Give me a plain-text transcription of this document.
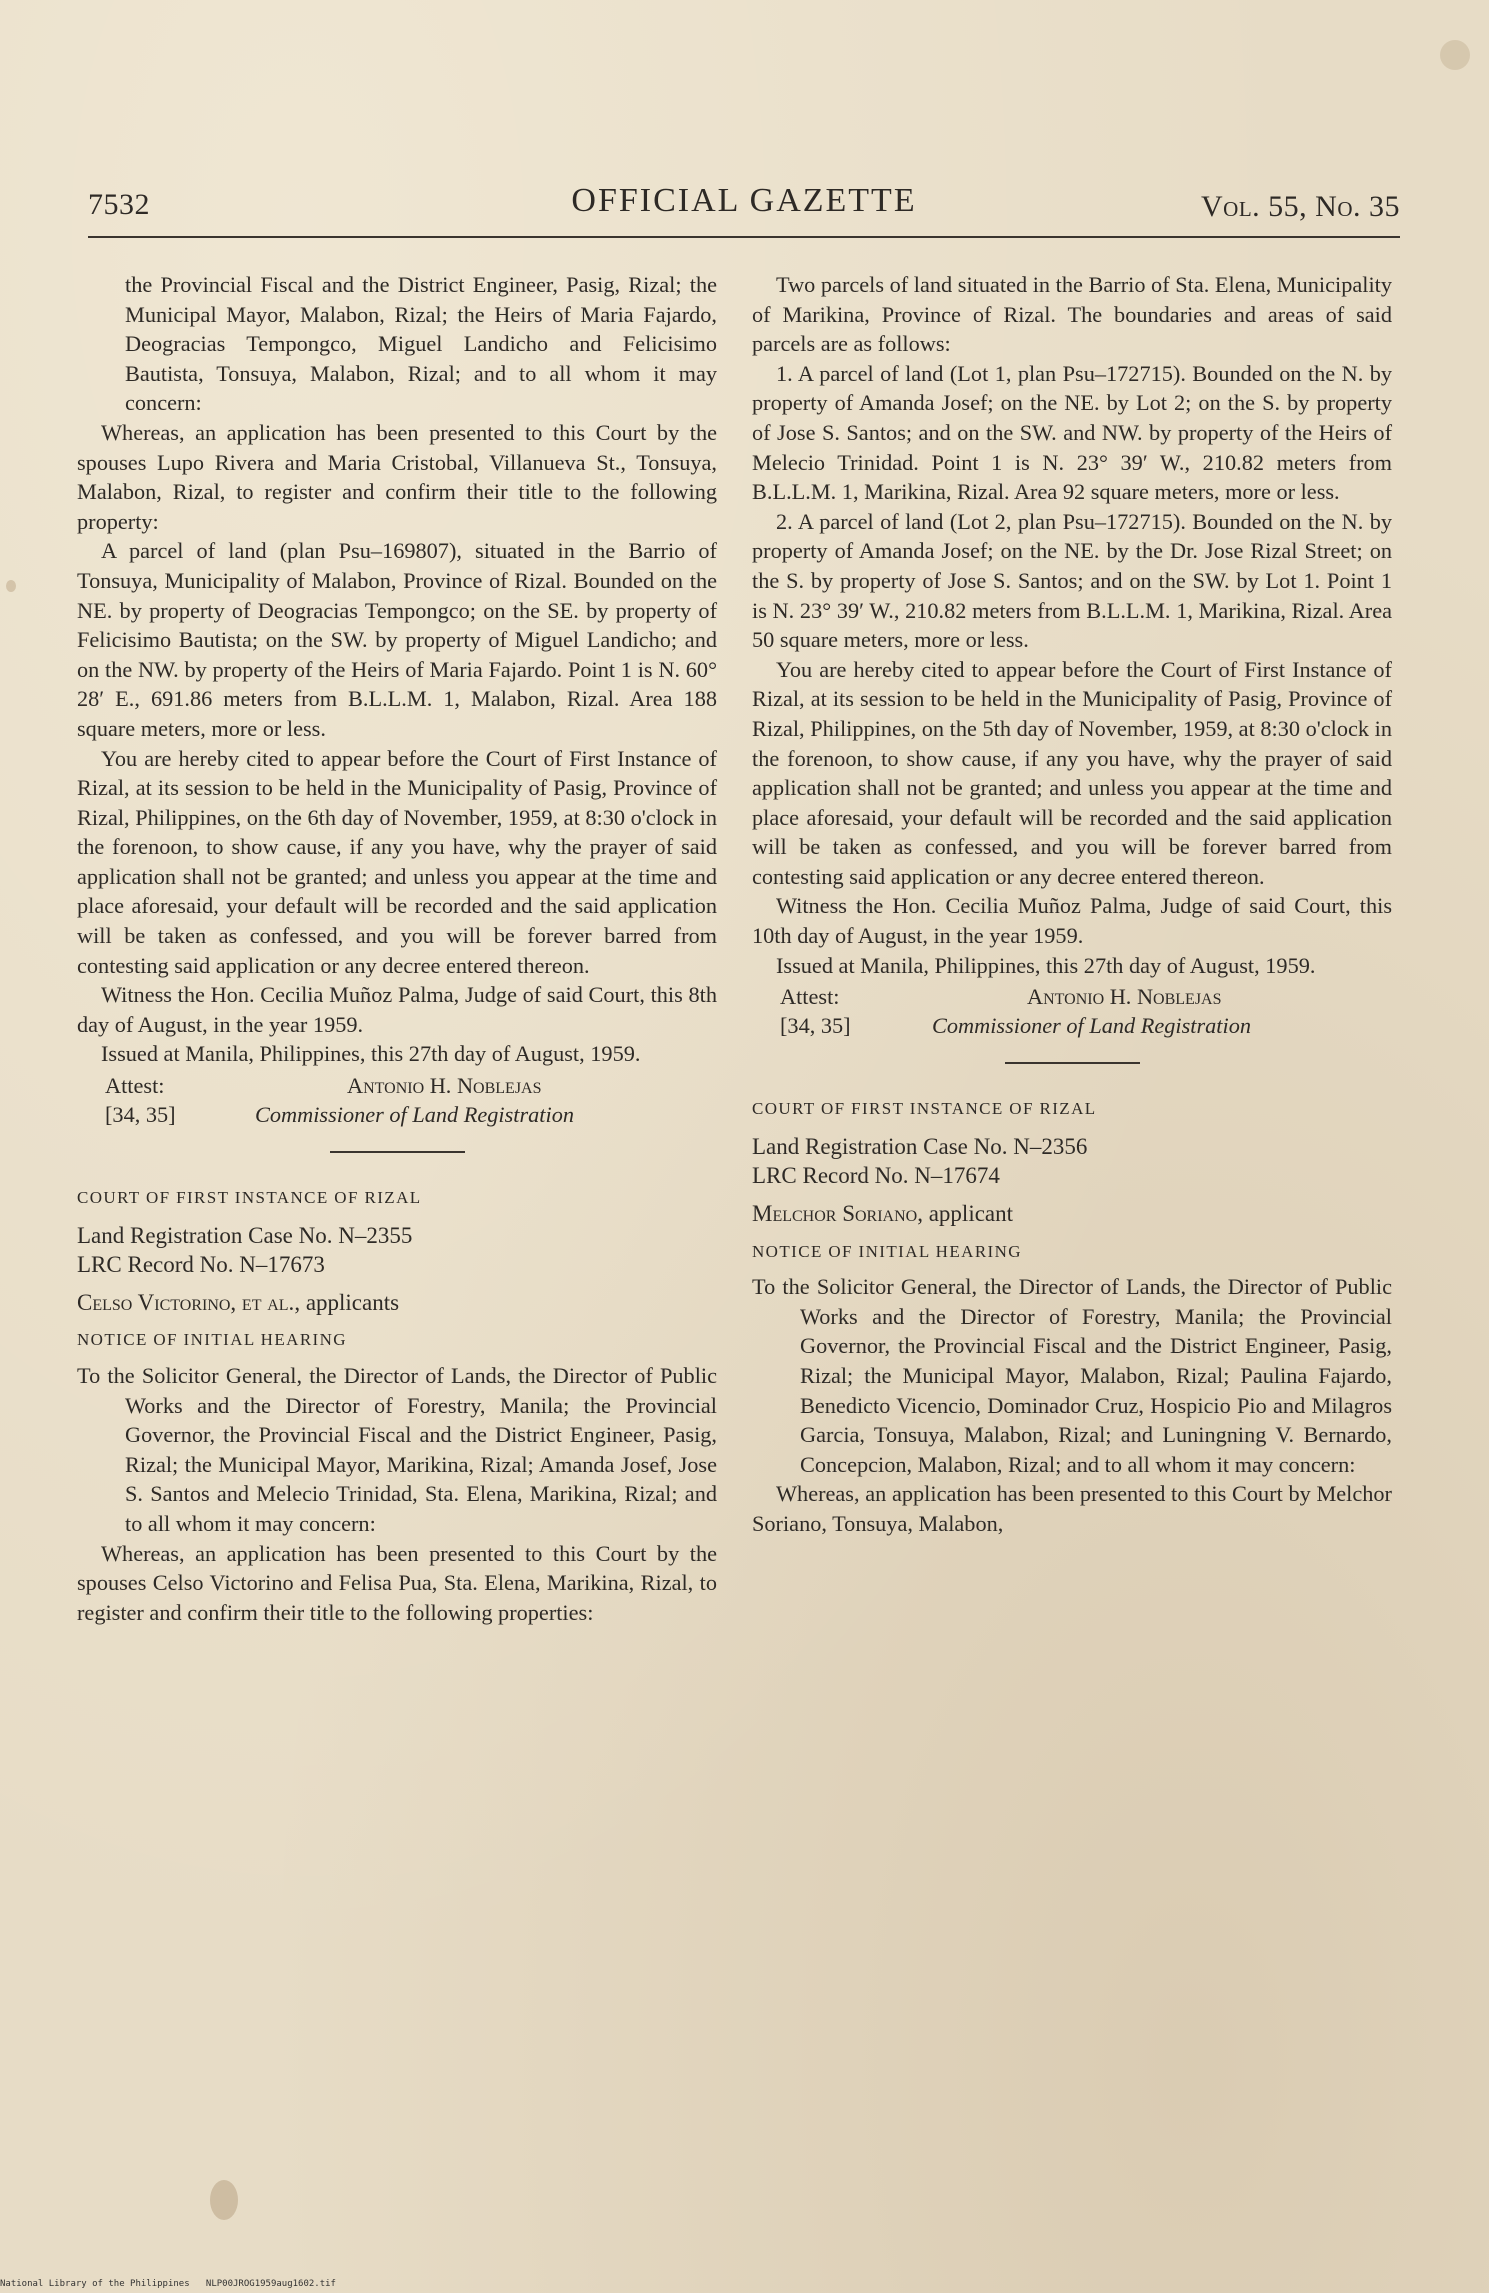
7532	OFFICIAL GAZETTE	Vol. 55, No. 35

the Provincial Fiscal and the District Engineer, Pasig, Rizal; the Municipal Mayor, Malabon, Rizal; the Heirs of Maria Fajardo, Deogracias Tempongco, Miguel Landicho and Felicisimo Bautista, Tonsuya, Malabon, Rizal; and to all whom it may concern:

Whereas, an application has been presented to this Court by the spouses Lupo Rivera and Maria Cristobal, Villanueva St., Tonsuya, Malabon, Rizal, to register and confirm their title to the following property:

A parcel of land (plan Psu–169807), situated in the Barrio of Tonsuya, Municipality of Malabon, Province of Rizal. Bounded on the NE. by property of Deogracias Tempongco; on the SE. by property of Felicisimo Bautista; on the SW. by property of Miguel Landicho; and on the NW. by property of the Heirs of Maria Fajardo. Point 1 is N. 60° 28′ E., 691.86 meters from B.L.L.M. 1, Malabon, Rizal. Area 188 square meters, more or less.

You are hereby cited to appear before the Court of First Instance of Rizal, at its session to be held in the Municipality of Pasig, Province of Rizal, Philippines, on the 6th day of November, 1959, at 8:30 o'clock in the forenoon, to show cause, if any you have, why the prayer of said application shall not be granted; and unless you appear at the time and place aforesaid, your default will be recorded and the said application will be taken as confessed, and you will be forever barred from contesting said application or any decree entered thereon.

Witness the Hon. Cecilia Muñoz Palma, Judge of said Court, this 8th day of August, in the year 1959.

Issued at Manila, Philippines, this 27th day of August, 1959.

Attest:	Antonio H. Noblejas
[34, 35]	Commissioner of Land Registration

COURT OF FIRST INSTANCE OF RIZAL

Land Registration Case No. N–2355

LRC Record No. N–17673

Celso Victorino, et al., applicants

NOTICE OF INITIAL HEARING

To the Solicitor General, the Director of Lands, the Director of Public Works and the Director of Forestry, Manila; the Provincial Governor, the Provincial Fiscal and the District Engineer, Pasig, Rizal; the Municipal Mayor, Marikina, Rizal; Amanda Josef, Jose S. Santos and Melecio Trinidad, Sta. Elena, Marikina, Rizal; and to all whom it may concern:

Whereas, an application has been presented to this Court by the spouses Celso Victorino and Felisa Pua, Sta. Elena, Marikina, Rizal, to register and confirm their title to the following properties:

Two parcels of land situated in the Barrio of Sta. Elena, Municipality of Marikina, Province of Rizal. The boundaries and areas of said parcels are as follows:

1. A parcel of land (Lot 1, plan Psu–172715). Bounded on the N. by property of Amanda Josef; on the NE. by Lot 2; on the S. by property of Jose S. Santos; and on the SW. and NW. by property of the Heirs of Melecio Trinidad. Point 1 is N. 23° 39′ W., 210.82 meters from B.L.L.M. 1, Marikina, Rizal. Area 92 square meters, more or less.

2. A parcel of land (Lot 2, plan Psu–172715). Bounded on the N. by property of Amanda Josef; on the NE. by the Dr. Jose Rizal Street; on the S. by property of Jose S. Santos; and on the SW. by Lot 1. Point 1 is N. 23° 39′ W., 210.82 meters from B.L.L.M. 1, Marikina, Rizal. Area 50 square meters, more or less.

You are hereby cited to appear before the Court of First Instance of Rizal, at its session to be held in the Municipality of Pasig, Province of Rizal, Philippines, on the 5th day of November, 1959, at 8:30 o'clock in the forenoon, to show cause, if any you have, why the prayer of said application shall not be granted; and unless you appear at the time and place aforesaid, your default will be recorded and the said application will be taken as confessed, and you will be forever barred from contesting said application or any decree entered thereon.

Witness the Hon. Cecilia Muñoz Palma, Judge of said Court, this 10th day of August, in the year 1959.

Issued at Manila, Philippines, this 27th day of August, 1959.

Attest:	Antonio H. Noblejas
[34, 35]	Commissioner of Land Registration

COURT OF FIRST INSTANCE OF RIZAL

Land Registration Case No. N–2356

LRC Record No. N–17674

Melchor Soriano, applicant

NOTICE OF INITIAL HEARING

To the Solicitor General, the Director of Lands, the Director of Public Works and the Director of Forestry, Manila; the Provincial Governor, the Provincial Fiscal and the District Engineer, Pasig, Rizal; the Municipal Mayor, Malabon, Rizal; Paulina Fajardo, Benedicto Vicencio, Dominador Cruz, Hospicio Pio and Milagros Garcia, Tonsuya, Malabon, Rizal; and Luningning V. Bernardo, Concepcion, Malabon, Rizal; and to all whom it may concern:

Whereas, an application has been presented to this Court by Melchor Soriano, Tonsuya, Malabon,

National Library of the Philippines NLP00JROG1959aug1602.tif
